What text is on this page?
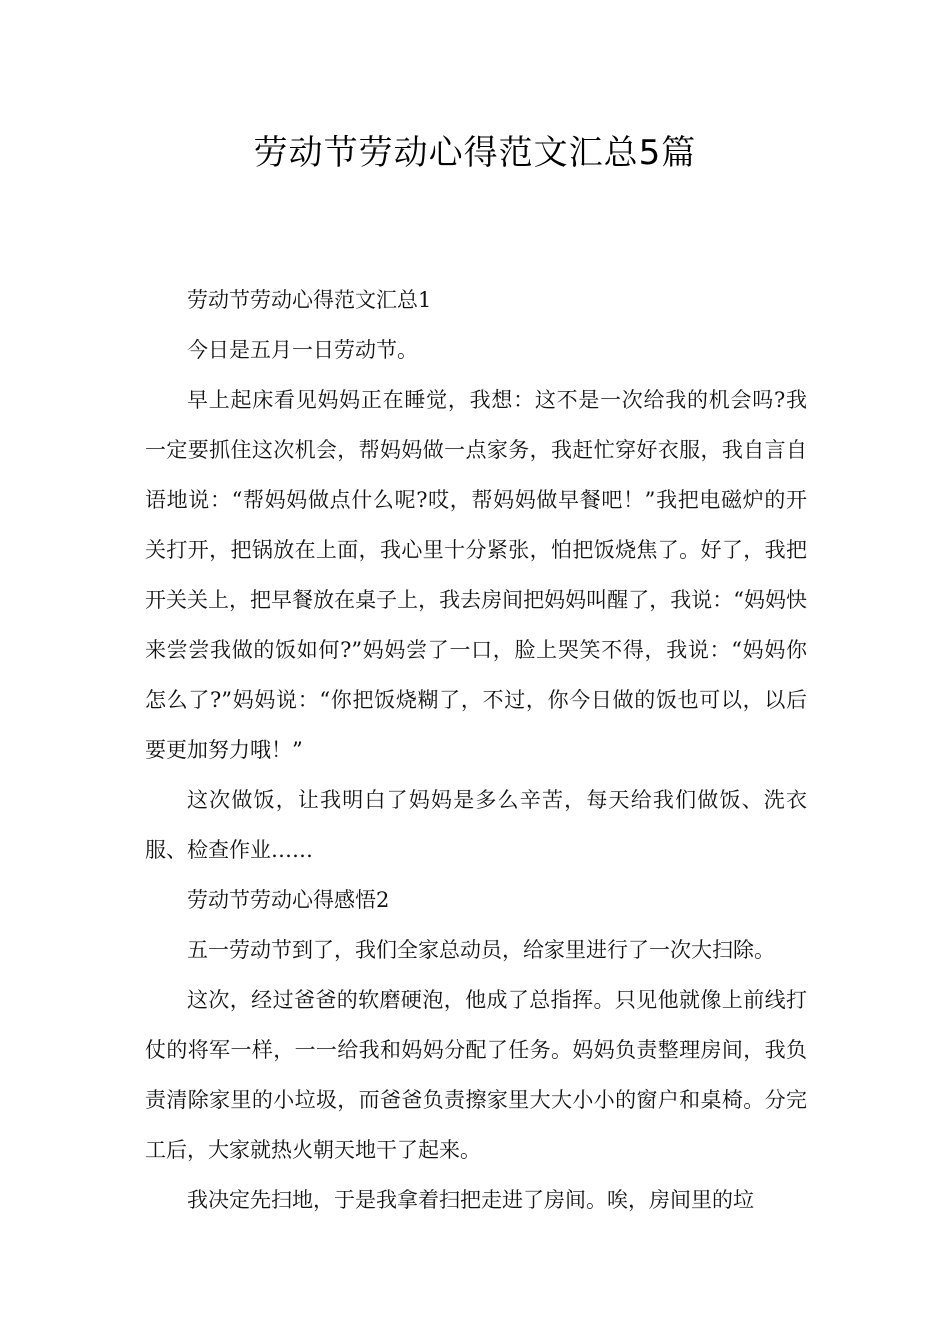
劳动节劳动心得范文汇总5篇

劳动节劳动心得范文汇总1

今日是五月一日劳动节。

早上起床看见妈妈正在睡觉，我想：这不是一次给我的机会吗?我一定要抓住这次机会，帮妈妈做一点家务，我赶忙穿好衣服，我自言自语地说：“帮妈妈做点什么呢?哎，帮妈妈做早餐吧！”我把电磁炉的开关打开，把锅放在上面，我心里十分紧张，怕把饭烧焦了。好了，我把开关关上，把早餐放在桌子上，我去房间把妈妈叫醒了，我说：“妈妈快来尝尝我做的饭如何?”妈妈尝了一口，脸上哭笑不得，我说：“妈妈你怎么了?”妈妈说：“你把饭烧糊了，不过，你今日做的饭也可以，以后要更加努力哦！”

这次做饭，让我明白了妈妈是多么辛苦，每天给我们做饭、洗衣服、检查作业……

劳动节劳动心得感悟2

五一劳动节到了，我们全家总动员，给家里进行了一次大扫除。

这次，经过爸爸的软磨硬泡，他成了总指挥。只见他就像上前线打仗的将军一样，一一给我和妈妈分配了任务。妈妈负责整理房间，我负责清除家里的小垃圾，而爸爸负责擦家里大大小小的窗户和桌椅。分完工后，大家就热火朝天地干了起来。

我决定先扫地，于是我拿着扫把走进了房间。唉，房间里的垃
